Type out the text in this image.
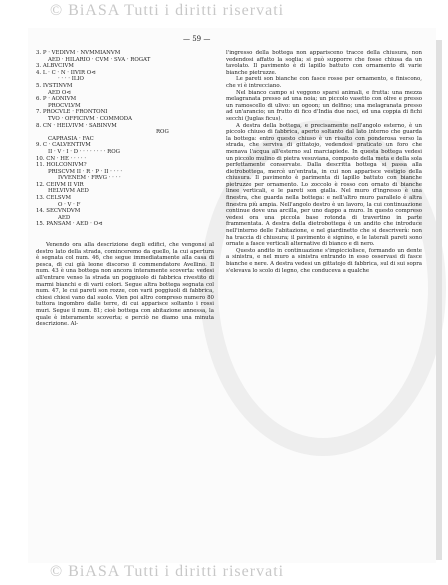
© BiASA Tutti i diritti riservati
— 59 —
3. P · VEDIVM · NVMMIANVM
AED · HILARIO · CVM · SVA · ROGAT
3. ALBVCIVM
4. L · C · N · IIVIR O⊲
· · · · ILIO
5. IVSTINVM
AED O⊲
6. P · AONIVM
PROCVLVM
7. PROCVLE · FRONTONI
TVO · OFFICIVM · COMMODA
8. CN · HELVIVM · SABINVM
ROG
CAPRASIA · FAC
9. C · CALVENTIVM
II · V · I · D · · · · · · · · ROG
10. CN · HE · · · · ·
11. HOLCONIVM?
PRISCVM II · R · P · II · · · ·
IVVENEM · FRVG · · · ·
12. CEIVM II VIR
HELVIVM AED
13. CELSVM
O · V · F
14. SECVNDVM
AED
15. PANSAM · AED · O⊲

Venendo ora alla descrizione degli edifici, che vengonsi al destro lato della strada, cominceremo da quello, la cui apertura è segnata col num. 46, che segue immediatamente alla casa di pesca, di cui già leone discorso il commendatore Avellino. Il num. 43 è una bottega non ancora interamente scoverta: vedesi all'entrare venso la strada un poggiuolo di fabbrica rivestito di marmi bianchi e di varii colori. Segue altra bottega segnata col num. 47, le cui pareti son rozze, con varii poggiuoli di fabbrica, chiesi chiesi vano dal suolo. Vien poi altro compreso numero 80 tuttora ingombro dalle terre, di cui apparisce soltanto i rossi muri. Segue il num. 81; cioè bottega con abitazione annessa, la quale è interamente scoverta; e perciò ne diamo una minuta descrizione. Al-

l'ingresso della bottega non apparisceno tracce della chiusura, non vedendosi affatto la soglia; si può supporre che fosse chiusa da un tavolato. Il pavimento è di lapillo battuto con ornamento di varie bianche pietruzze.

Le pareti son bianche con fasce rosse per ornamento, e finiscono, che vi è intrecciano.

Nel bianco campo si veggono sparsi animali, e frutta: una mezza melagranata presso ad una noia; un piccolo vasetto con olive e presso un ramoscello di ulivo: un ogoon; un delfino; una melagranata presso ad un'arancio; un frutto di fico d'India due noci, ed una coppia di fichi secchi (Juglas ficus).

A destra della bottega, e precisamente nell'angolo esterno, è un piccolo chiuso di fabbrica, aperto soltanto dal lato interno che guarda la bottega: entro questo chiuso è un risalto con ponderosa verso la strada, che serviva di gittatojo, vedendosi praticato un foro che menava l'acqua all'esterno sul marciapiede. In questa bottega vedesi un piccolo mulino di pietra vesuviana, composto della meta e della sola perfettamente conservate. Dalla descritta bottega si passa alla dietrobottega, mercè un'entrata, in cui non apparisce vestigio della chiusura. Il pavimento è parimenta di lapillo battuto con bianche pietruzze per ornamento. Lo zoccolo è rosso con ornato di bianche linee verticali, e le pareti son gialla. Nel muro d'ingresso è una finestra, che guarda nella bottega: e nell'altro muro parallelo è altra finestra più ampia. Nell'angolo destro è un lavoro, la cui continuazione continue dove una arcilla, per uno dappo a muro. In questo compreso vedesi ora una piccola base rotonda di travertino in parte frammentata. A destra della dietrobottega è un andito che introduce nell'interno delle l'abitazione, e nel giardinetto che si descriverà: non ha traccia di chiusura; il pavimento è signino, e le laterali pareti sono ornate a fasce verticali alternative di bianco e di nero.

Questo andito in continuazione s'impicciolisce, formando un dente a sinistra, e nel muro a sinistra entrando in esso osservasi di fasce bianche e nere. A destra vedesi un gittatojo di fabbrica, sul di sui sopra s'elevava lo scolo di legno, che conduceva a qualche

© BiASA Tutti i diritti riservati
